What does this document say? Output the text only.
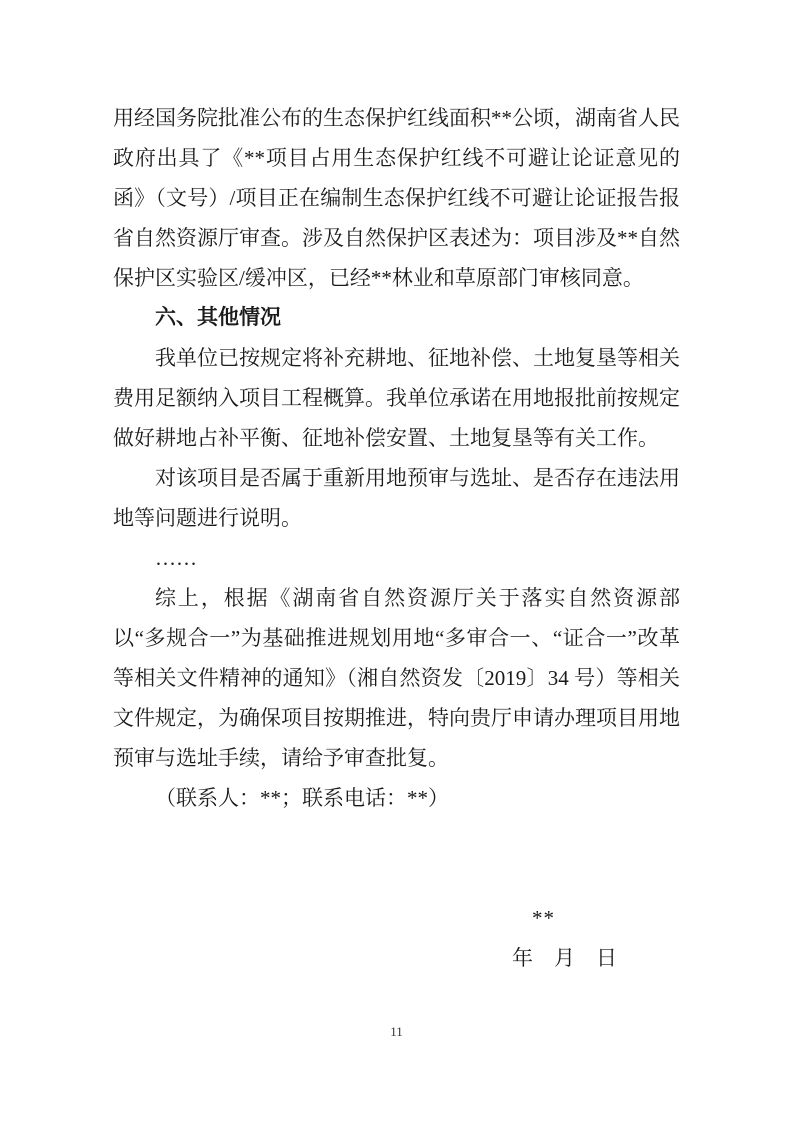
用经国务院批准公布的生态保护红线面积**公顷，湖南省人民政府出具了《**项目占用生态保护红线不可避让论证意见的函》（文号）/项目正在编制生态保护红线不可避让论证报告报省自然资源厅审查。涉及自然保护区表述为：项目涉及**自然保护区实验区/缓冲区，已经**林业和草原部门审核同意。

六、其他情况

我单位已按规定将补充耕地、征地补偿、土地复垦等相关费用足额纳入项目工程概算。我单位承诺在用地报批前按规定做好耕地占补平衡、征地补偿安置、土地复垦等有关工作。

对该项目是否属于重新用地预审与选址、是否存在违法用地等问题进行说明。

……

综上，根据《湖南省自然资源厅关于落实自然资源部以“多规合一”为基础推进规划用地“多审合一、“证合一”改革等相关文件精神的通知》（湘自然资发〔2019〕34 号）等相关文件规定，为确保项目按期推进，特向贵厅申请办理项目用地预审与选址手续，请给予审查批复。

（联系人：**；联系电话：**）

**
年　月　日
11
